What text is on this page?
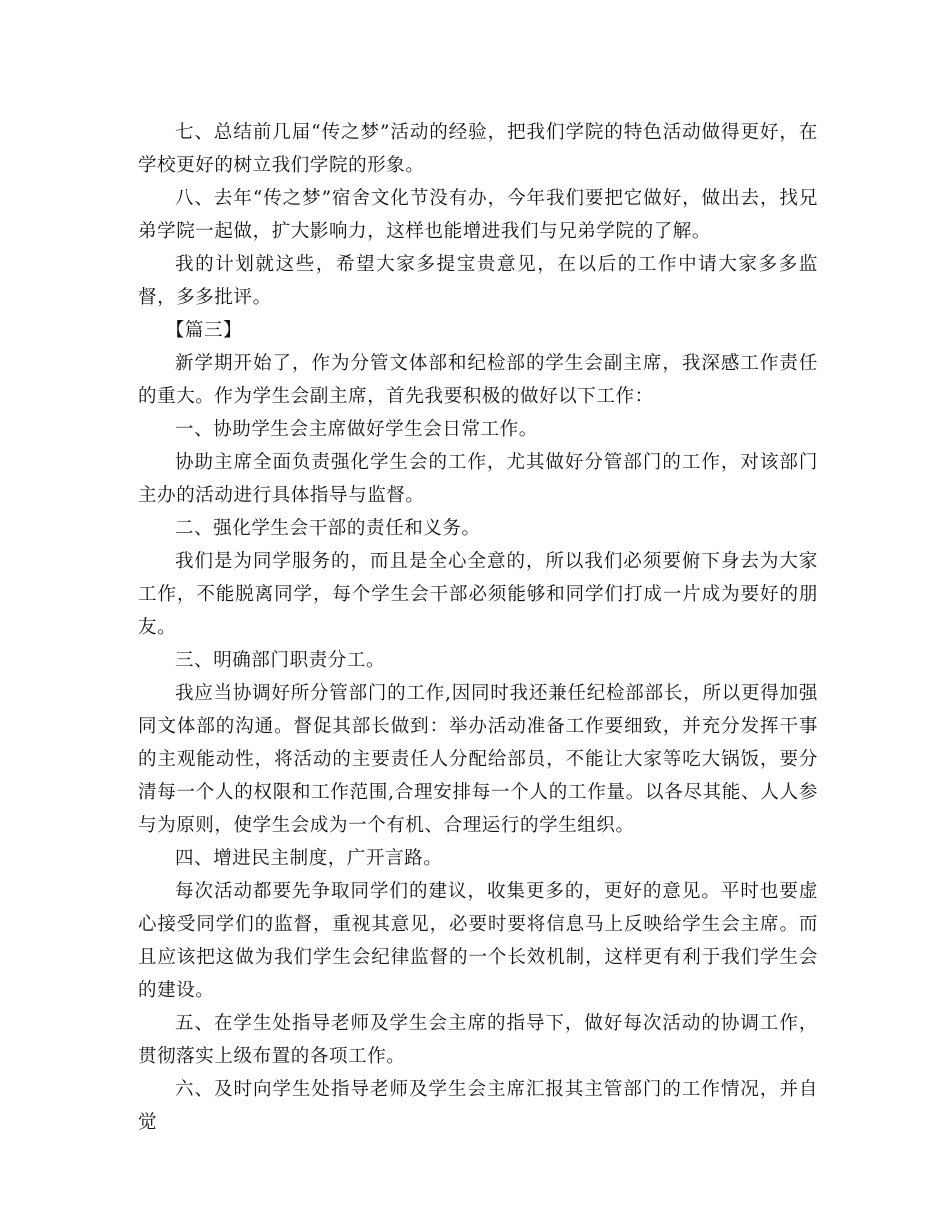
七、总结前几届“传之梦”活动的经验，把我们学院的特色活动做得更好，在学校更好的树立我们学院的形象。

八、去年“传之梦”宿舍文化节没有办，今年我们要把它做好，做出去，找兄弟学院一起做，扩大影响力，这样也能增进我们与兄弟学院的了解。

我的计划就这些，希望大家多提宝贵意见，在以后的工作中请大家多多监督，多多批评。

【篇三】

新学期开始了，作为分管文体部和纪检部的学生会副主席，我深感工作责任的重大。作为学生会副主席，首先我要积极的做好以下工作：

一、协助学生会主席做好学生会日常工作。

协助主席全面负责强化学生会的工作，尤其做好分管部门的工作，对该部门主办的活动进行具体指导与监督。

二、强化学生会干部的责任和义务。

我们是为同学服务的，而且是全心全意的，所以我们必须要俯下身去为大家工作，不能脱离同学，每个学生会干部必须能够和同学们打成一片成为要好的朋友。

三、明确部门职责分工。

我应当协调好所分管部门的工作,因同时我还兼任纪检部部长，所以更得加强同文体部的沟通。督促其部长做到：举办活动准备工作要细致，并充分发挥干事的主观能动性，将活动的主要责任人分配给部员，不能让大家等吃大锅饭，要分清每一个人的权限和工作范围,合理安排每一个人的工作量。以各尽其能、人人参与为原则，使学生会成为一个有机、合理运行的学生组织。

四、增进民主制度，广开言路。

每次活动都要先争取同学们的建议，收集更多的，更好的意见。平时也要虚心接受同学们的监督，重视其意见，必要时要将信息马上反映给学生会主席。而且应该把这做为我们学生会纪律监督的一个长效机制，这样更有利于我们学生会的建设。

五、在学生处指导老师及学生会主席的指导下，做好每次活动的协调工作，贯彻落实上级布置的各项工作。

六、及时向学生处指导老师及学生会主席汇报其主管部门的工作情况，并自觉
